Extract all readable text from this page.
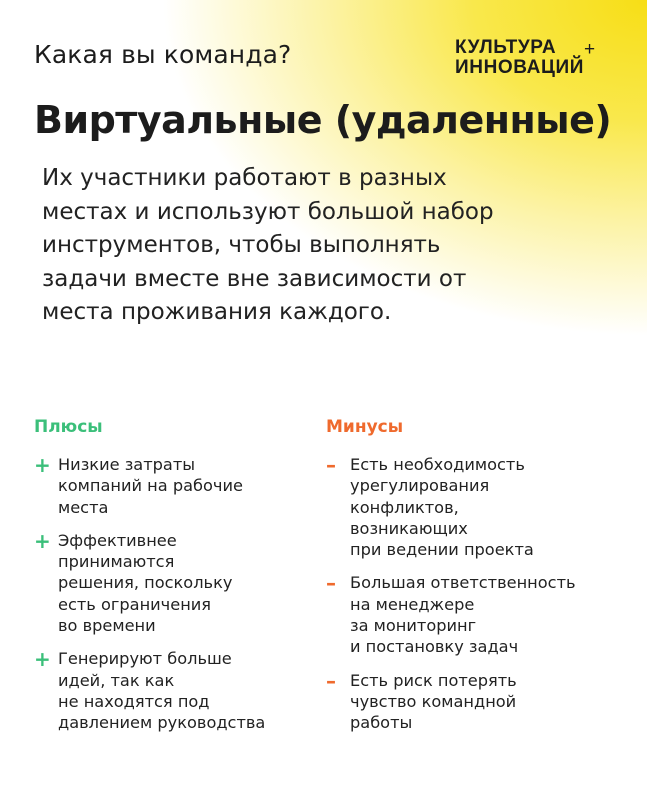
Какая вы команда?	КУЛЬТУРА
ИННОВАЦИЙ
+
Виртуальные (удаленные)
Их участники работают в разных
местах и используют большой набор
инструментов, чтобы выполнять
задачи вместе вне зависимости от
места проживания каждого.
Плюсы
+ Низкие затраты
компаний на рабочие
места
+ Эффективнее
принимаются
решения, поскольку
есть ограничения
во времени
+ Генерируют больше
идей, так как
не находятся под
давлением руководства
Минусы
– Есть необходимость
урегулирования
конфликтов,
возникающих
при ведении проекта
– Большая ответственность
на менеджере
за мониторинг
и постановку задач
– Есть риск потерять
чувство командной
работы
